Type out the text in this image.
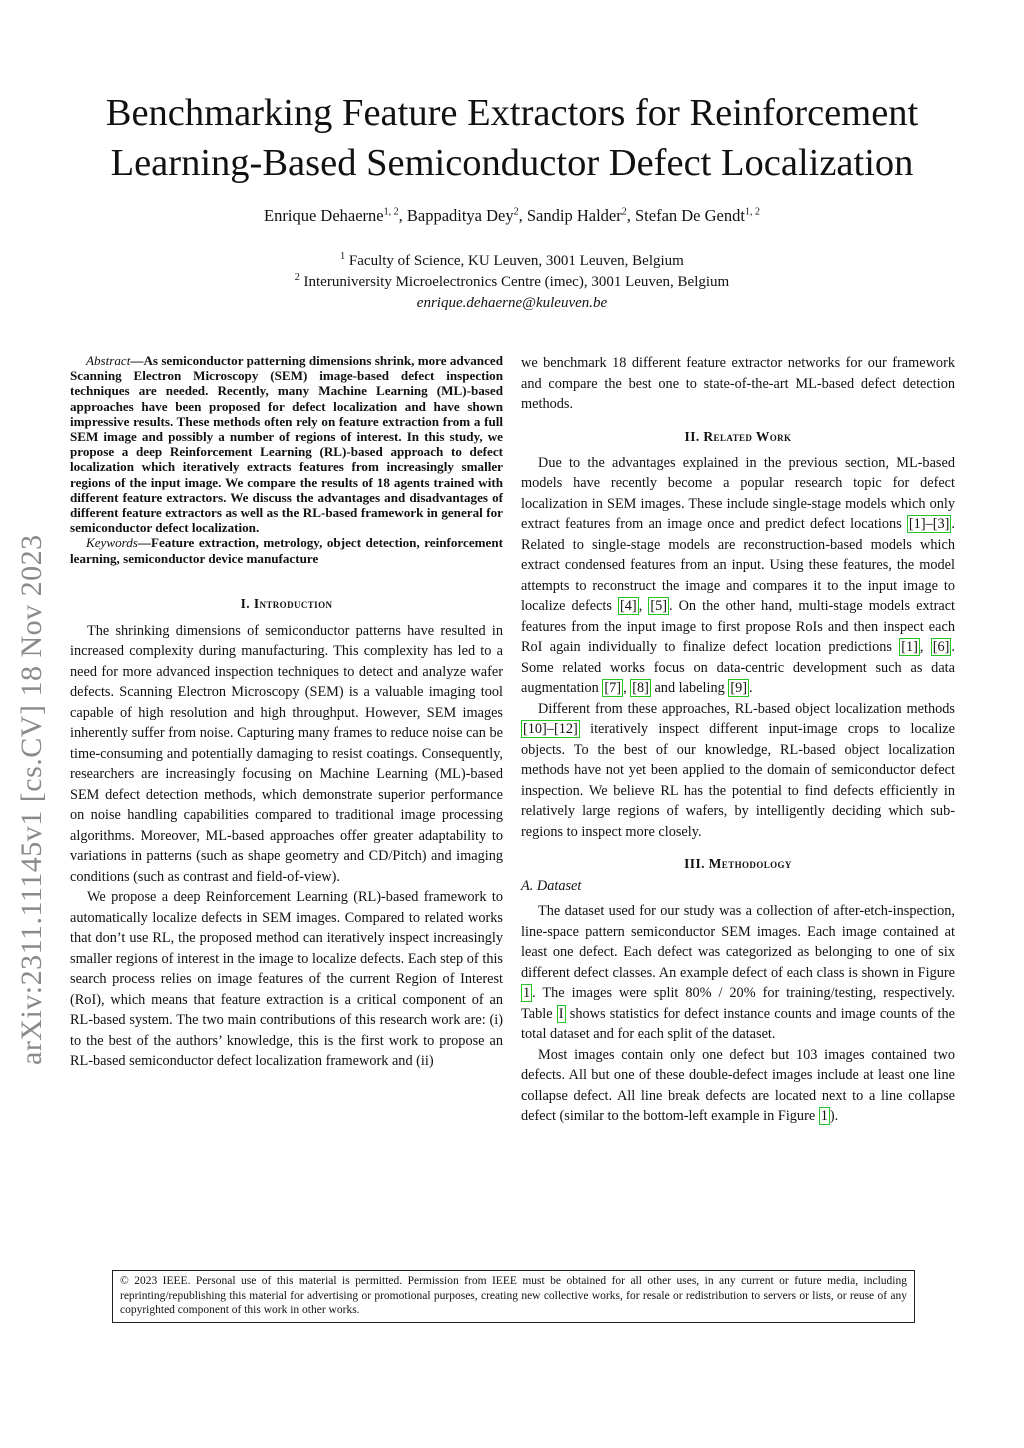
arXiv:2311.11145v1 [cs.CV] 18 Nov 2023
Benchmarking Feature Extractors for Reinforcement
Learning-Based Semiconductor Defect Localization
Enrique Dehaerne$^{1, 2}$, Bappaditya Dey$^2$, Sandip Halder$^2$, Stefan De Gendt$^{1, 2}$
$^1$ Faculty of Science, KU Leuven, 3001 Leuven, Belgium
$^2$ Interuniversity Microelectronics Centre (imec), 3001 Leuven, Belgium
enrique.dehaerne@kuleuven.be

Abstract—As semiconductor patterning dimensions shrink, more advanced Scanning Electron Microscopy (SEM) image-based defect inspection techniques are needed. Recently, many Machine Learning (ML)-based approaches have been proposed for defect localization and have shown impressive results. These methods often rely on feature extraction from a full SEM image and possibly a number of regions of interest. In this study, we propose a deep Reinforcement Learning (RL)-based approach to defect localization which iteratively extracts features from increasingly smaller regions of the input image. We compare the results of 18 agents trained with different feature extractors. We discuss the advantages and disadvantages of different feature extractors as well as the RL-based framework in general for semiconductor defect localization.

Keywords—Feature extraction, metrology, object detection, reinforcement learning, semiconductor device manufacture

I. Introduction

The shrinking dimensions of semiconductor patterns have resulted in increased complexity during manufacturing. This complexity has led to a need for more advanced inspection techniques to detect and analyze wafer defects. Scanning Electron Microscopy (SEM) is a valuable imaging tool capable of high resolution and high throughput. However, SEM images inherently suffer from noise. Capturing many frames to reduce noise can be time-consuming and potentially damaging to resist coatings. Consequently, researchers are increasingly focusing on Machine Learning (ML)-based SEM defect detection methods, which demonstrate superior performance on noise handling capabilities compared to traditional image processing algorithms. Moreover, ML-based approaches offer greater adaptability to variations in patterns (such as shape geometry and CD/Pitch) and imaging conditions (such as contrast and field-of-view).

We propose a deep Reinforcement Learning (RL)-based framework to automatically localize defects in SEM images. Compared to related works that don’t use RL, the proposed method can iteratively inspect increasingly smaller regions of interest in the image to localize defects. Each step of this search process relies on image features of the current Region of Interest (RoI), which means that feature extraction is a critical component of an RL-based system. The two main contributions of this research work are: (i) to the best of the authors’ knowledge, this is the first work to propose an RL-based semiconductor defect localization framework and (ii)

we benchmark 18 different feature extractor networks for our framework and compare the best one to state-of-the-art ML-based defect detection methods.

II. Related Work

Due to the advantages explained in the previous section, ML-based models have recently become a popular research topic for defect localization in SEM images. These include single-stage models which only extract features from an image once and predict defect locations [1]–[3] . Related to single-stage models are reconstruction-based models which extract condensed features from an input. Using these features, the model attempts to reconstruct the image and compares it to the input image to localize defects [4] , [5] . On the other hand, multi-stage models extract features from the input image to first propose RoIs and then inspect each RoI again individually to finalize defect location predictions [1] , [6] . Some related works focus on data-centric development such as data augmentation [7] , [8] and labeling [9] .

Different from these approaches, RL-based object localization methods [10]–[12] iteratively inspect different input-image crops to localize objects. To the best of our knowledge, RL-based object localization methods have not yet been applied to the domain of semiconductor defect inspection. We believe RL has the potential to find defects efficiently in relatively large regions of wafers, by intelligently deciding which sub-regions to inspect more closely.

III. Methodology

A. Dataset

The dataset used for our study was a collection of after-etch-inspection, line-space pattern semiconductor SEM images. Each image contained at least one defect. Each defect was categorized as belonging to one of six different defect classes. An example defect of each class is shown in Figure 1 . The images were split 80% / 20% for training/testing, respectively. Table I shows statistics for defect instance counts and image counts of the total dataset and for each split of the dataset.

Most images contain only one defect but 103 images contained two defects. All but one of these double-defect images include at least one line collapse defect. All line break defects are located next to a line collapse defect (similar to the bottom-left example in Figure 1 ).

© 2023 IEEE. Personal use of this material is permitted. Permission from IEEE must be obtained for all other uses, in any current or future media, including reprinting/republishing this material for advertising or promotional purposes, creating new collective works, for resale or redistribution to servers or lists, or reuse of any copyrighted component of this work in other works.
